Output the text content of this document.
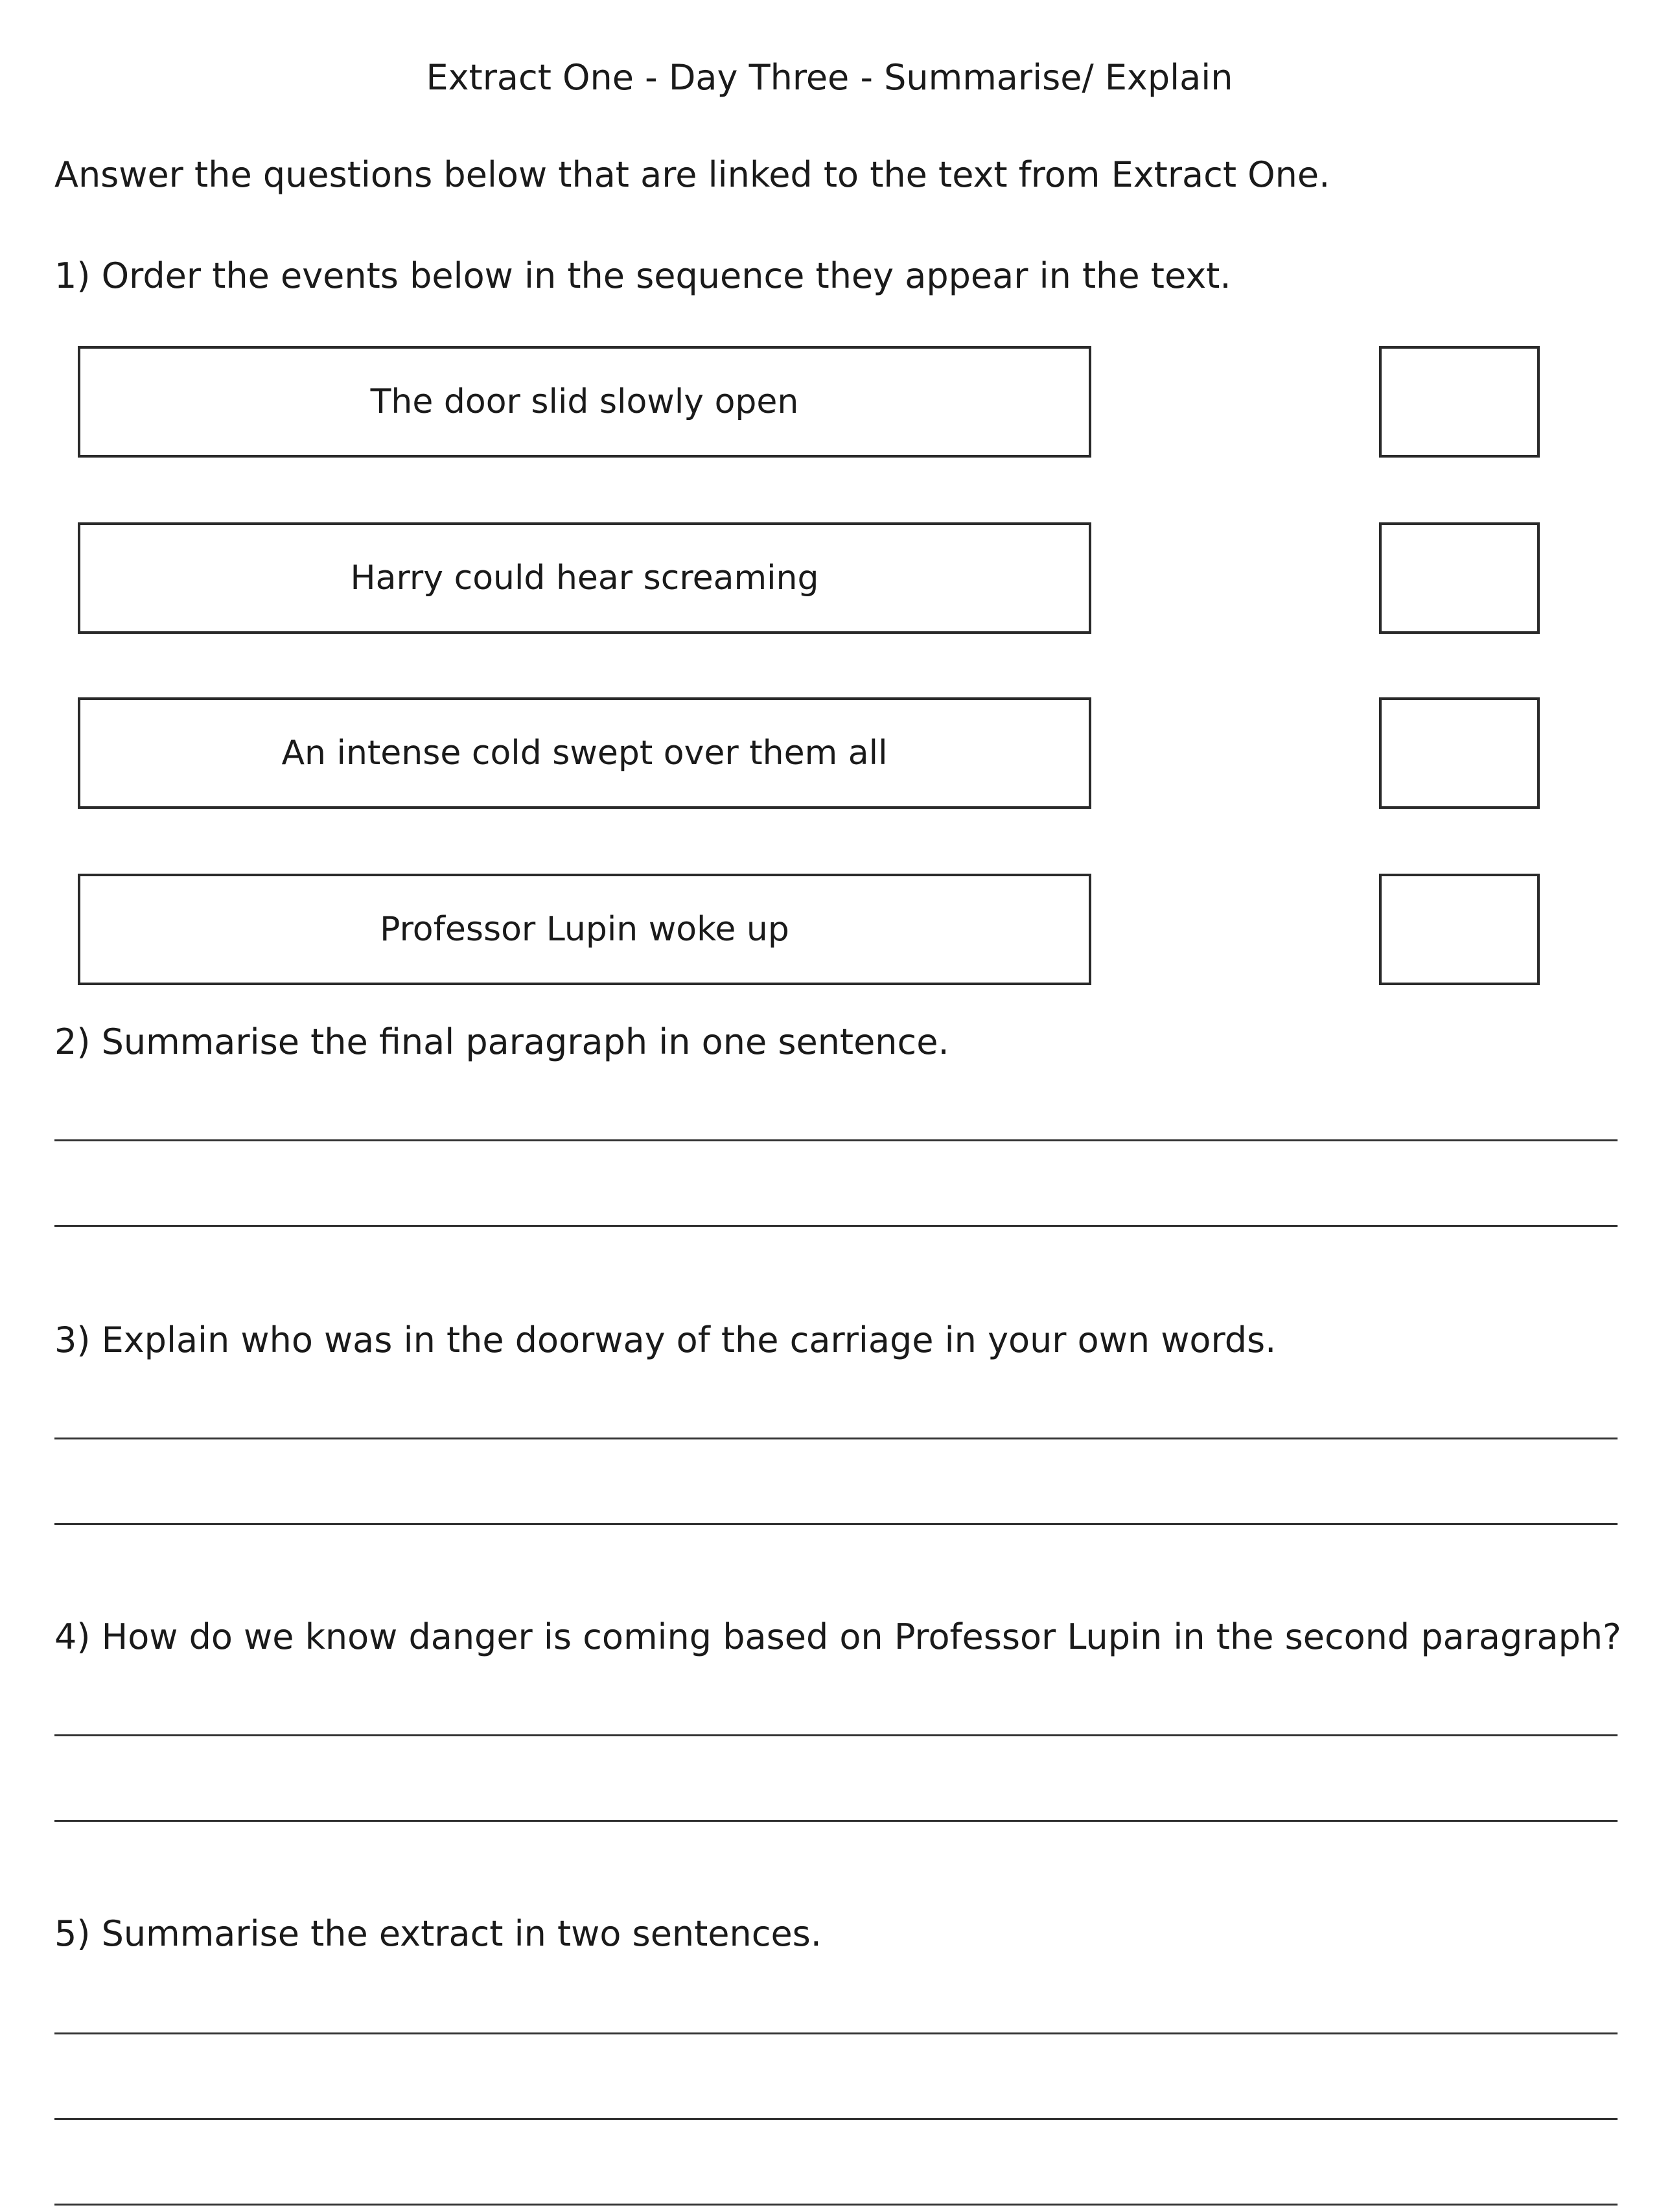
Extract One - Day Three - Summarise/ Explain
Answer the questions below that are linked to the text from Extract One.
1) Order the events below in the sequence they appear in the text.
The door slid slowly open
Harry could hear screaming
An intense cold swept over them all
Professor Lupin woke up
2) Summarise the final paragraph in one sentence.
3) Explain who was in the doorway of the carriage in your own words.
4) How do we know danger is coming based on Professor Lupin in the second paragraph?
5) Summarise the extract in two sentences.
